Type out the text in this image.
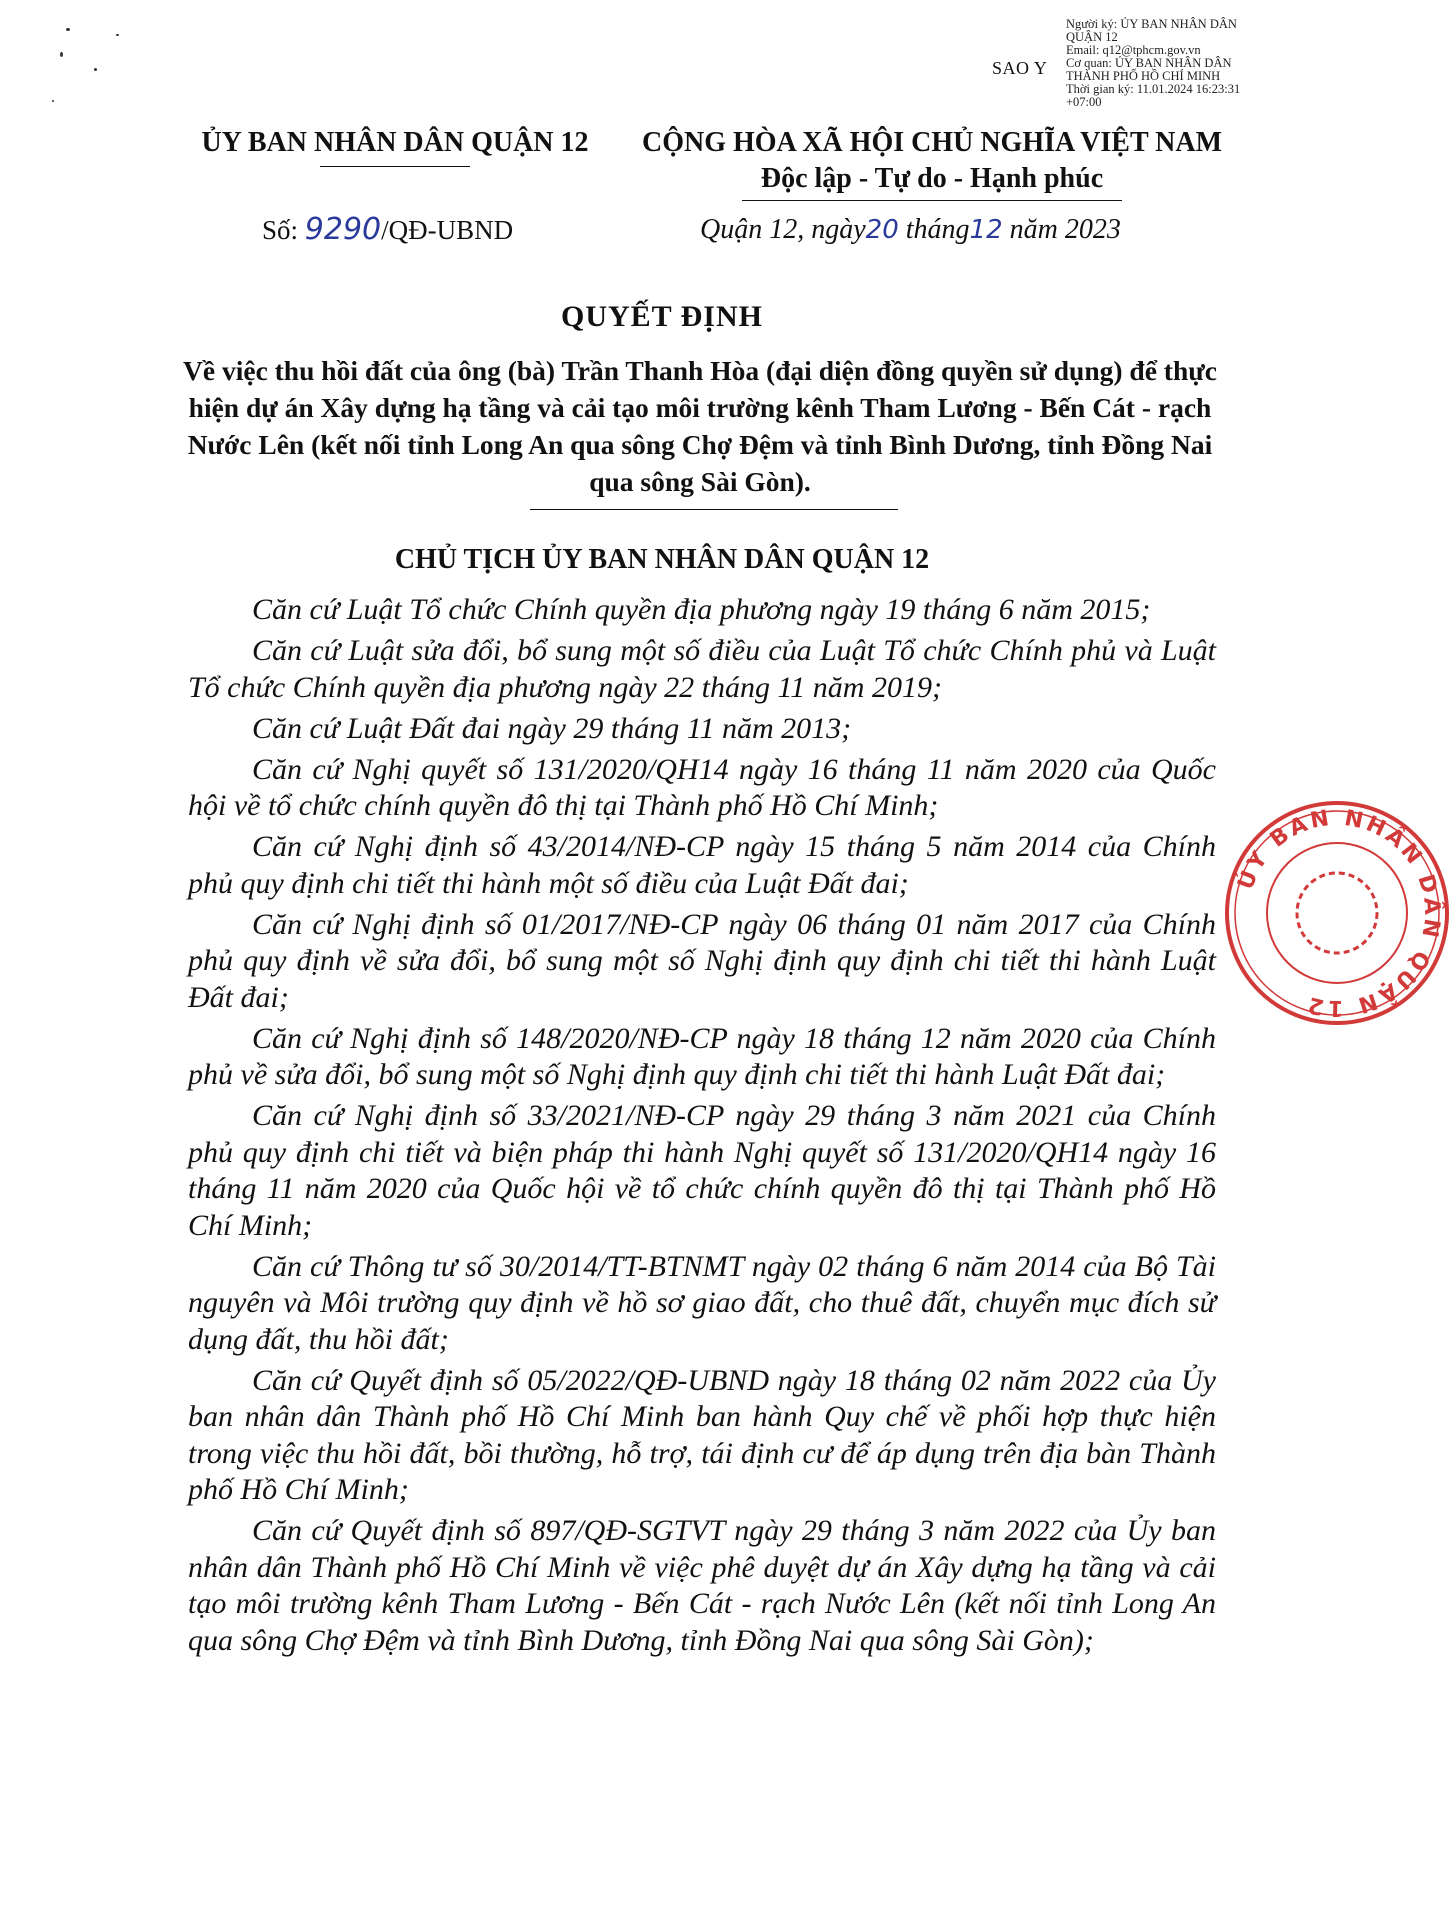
Người ký: ỦY BAN NHÂN DÂN
QUẬN 12
Email: q12@tphcm.gov.vn
Cơ quan: ỦY BAN NHÂN DÂN
THÀNH PHỐ HỒ CHÍ MINH
Thời gian ký: 11.01.2024 16:23:31
+07:00
SAO Y
ỦY BAN NHÂN DÂN QUẬN 12	CỘNG HÒA XÃ HỘI CHỦ NGHĨA VIỆT NAM
Độc lập - Tự do - Hạnh phúc
Số: 9290/QĐ-UBND	Quận 12, ngày20 tháng12 năm 2023
QUYẾT ĐỊNH
Về việc thu hồi đất của ông (bà) Trần Thanh Hòa (đại diện đồng quyền sử dụng) để thực hiện dự án Xây dựng hạ tầng và cải tạo môi trường kênh Tham Lương - Bến Cát - rạch Nước Lên (kết nối tỉnh Long An qua sông Chợ Đệm và tỉnh Bình Dương, tỉnh Đồng Nai qua sông Sài Gòn).
CHỦ TỊCH ỦY BAN NHÂN DÂN QUẬN 12

Căn cứ Luật Tổ chức Chính quyền địa phương ngày 19 tháng 6 năm 2015;

Căn cứ Luật sửa đổi, bổ sung một số điều của Luật Tổ chức Chính phủ và Luật Tổ chức Chính quyền địa phương ngày 22 tháng 11 năm 2019;

Căn cứ Luật Đất đai ngày 29 tháng 11 năm 2013;

Căn cứ Nghị quyết số 131/2020/QH14 ngày 16 tháng 11 năm 2020 của Quốc hội về tổ chức chính quyền đô thị tại Thành phố Hồ Chí Minh;

Căn cứ Nghị định số 43/2014/NĐ-CP ngày 15 tháng 5 năm 2014 của Chính phủ quy định chi tiết thi hành một số điều của Luật Đất đai;

Căn cứ Nghị định số 01/2017/NĐ-CP ngày 06 tháng 01 năm 2017 của Chính phủ quy định về sửa đổi, bổ sung một số Nghị định quy định chi tiết thi hành Luật Đất đai;

Căn cứ Nghị định số 148/2020/NĐ-CP ngày 18 tháng 12 năm 2020 của Chính phủ về sửa đổi, bổ sung một số Nghị định quy định chi tiết thi hành Luật Đất đai;

Căn cứ Nghị định số 33/2021/NĐ-CP ngày 29 tháng 3 năm 2021 của Chính phủ quy định chi tiết và biện pháp thi hành Nghị quyết số 131/2020/QH14 ngày 16 tháng 11 năm 2020 của Quốc hội về tổ chức chính quyền đô thị tại Thành phố Hồ Chí Minh;

Căn cứ Thông tư số 30/2014/TT-BTNMT ngày 02 tháng 6 năm 2014 của Bộ Tài nguyên và Môi trường quy định về hồ sơ giao đất, cho thuê đất, chuyển mục đích sử dụng đất, thu hồi đất;

Căn cứ Quyết định số 05/2022/QĐ-UBND ngày 18 tháng 02 năm 2022 của Ủy ban nhân dân Thành phố Hồ Chí Minh ban hành Quy chế về phối hợp thực hiện trong việc thu hồi đất, bồi thường, hỗ trợ, tái định cư để áp dụng trên địa bàn Thành phố Hồ Chí Minh;

Căn cứ Quyết định số 897/QĐ-SGTVT ngày 29 tháng 3 năm 2022 của Ủy ban nhân dân Thành phố Hồ Chí Minh về việc phê duyệt dự án Xây dựng hạ tầng và cải tạo môi trường kênh Tham Lương - Bến Cát - rạch Nước Lên (kết nối tỉnh Long An qua sông Chợ Đệm và tỉnh Bình Dương, tỉnh Đồng Nai qua sông Sài Gòn);

ỦY BAN NHÂN DÂN QUẬN 12
